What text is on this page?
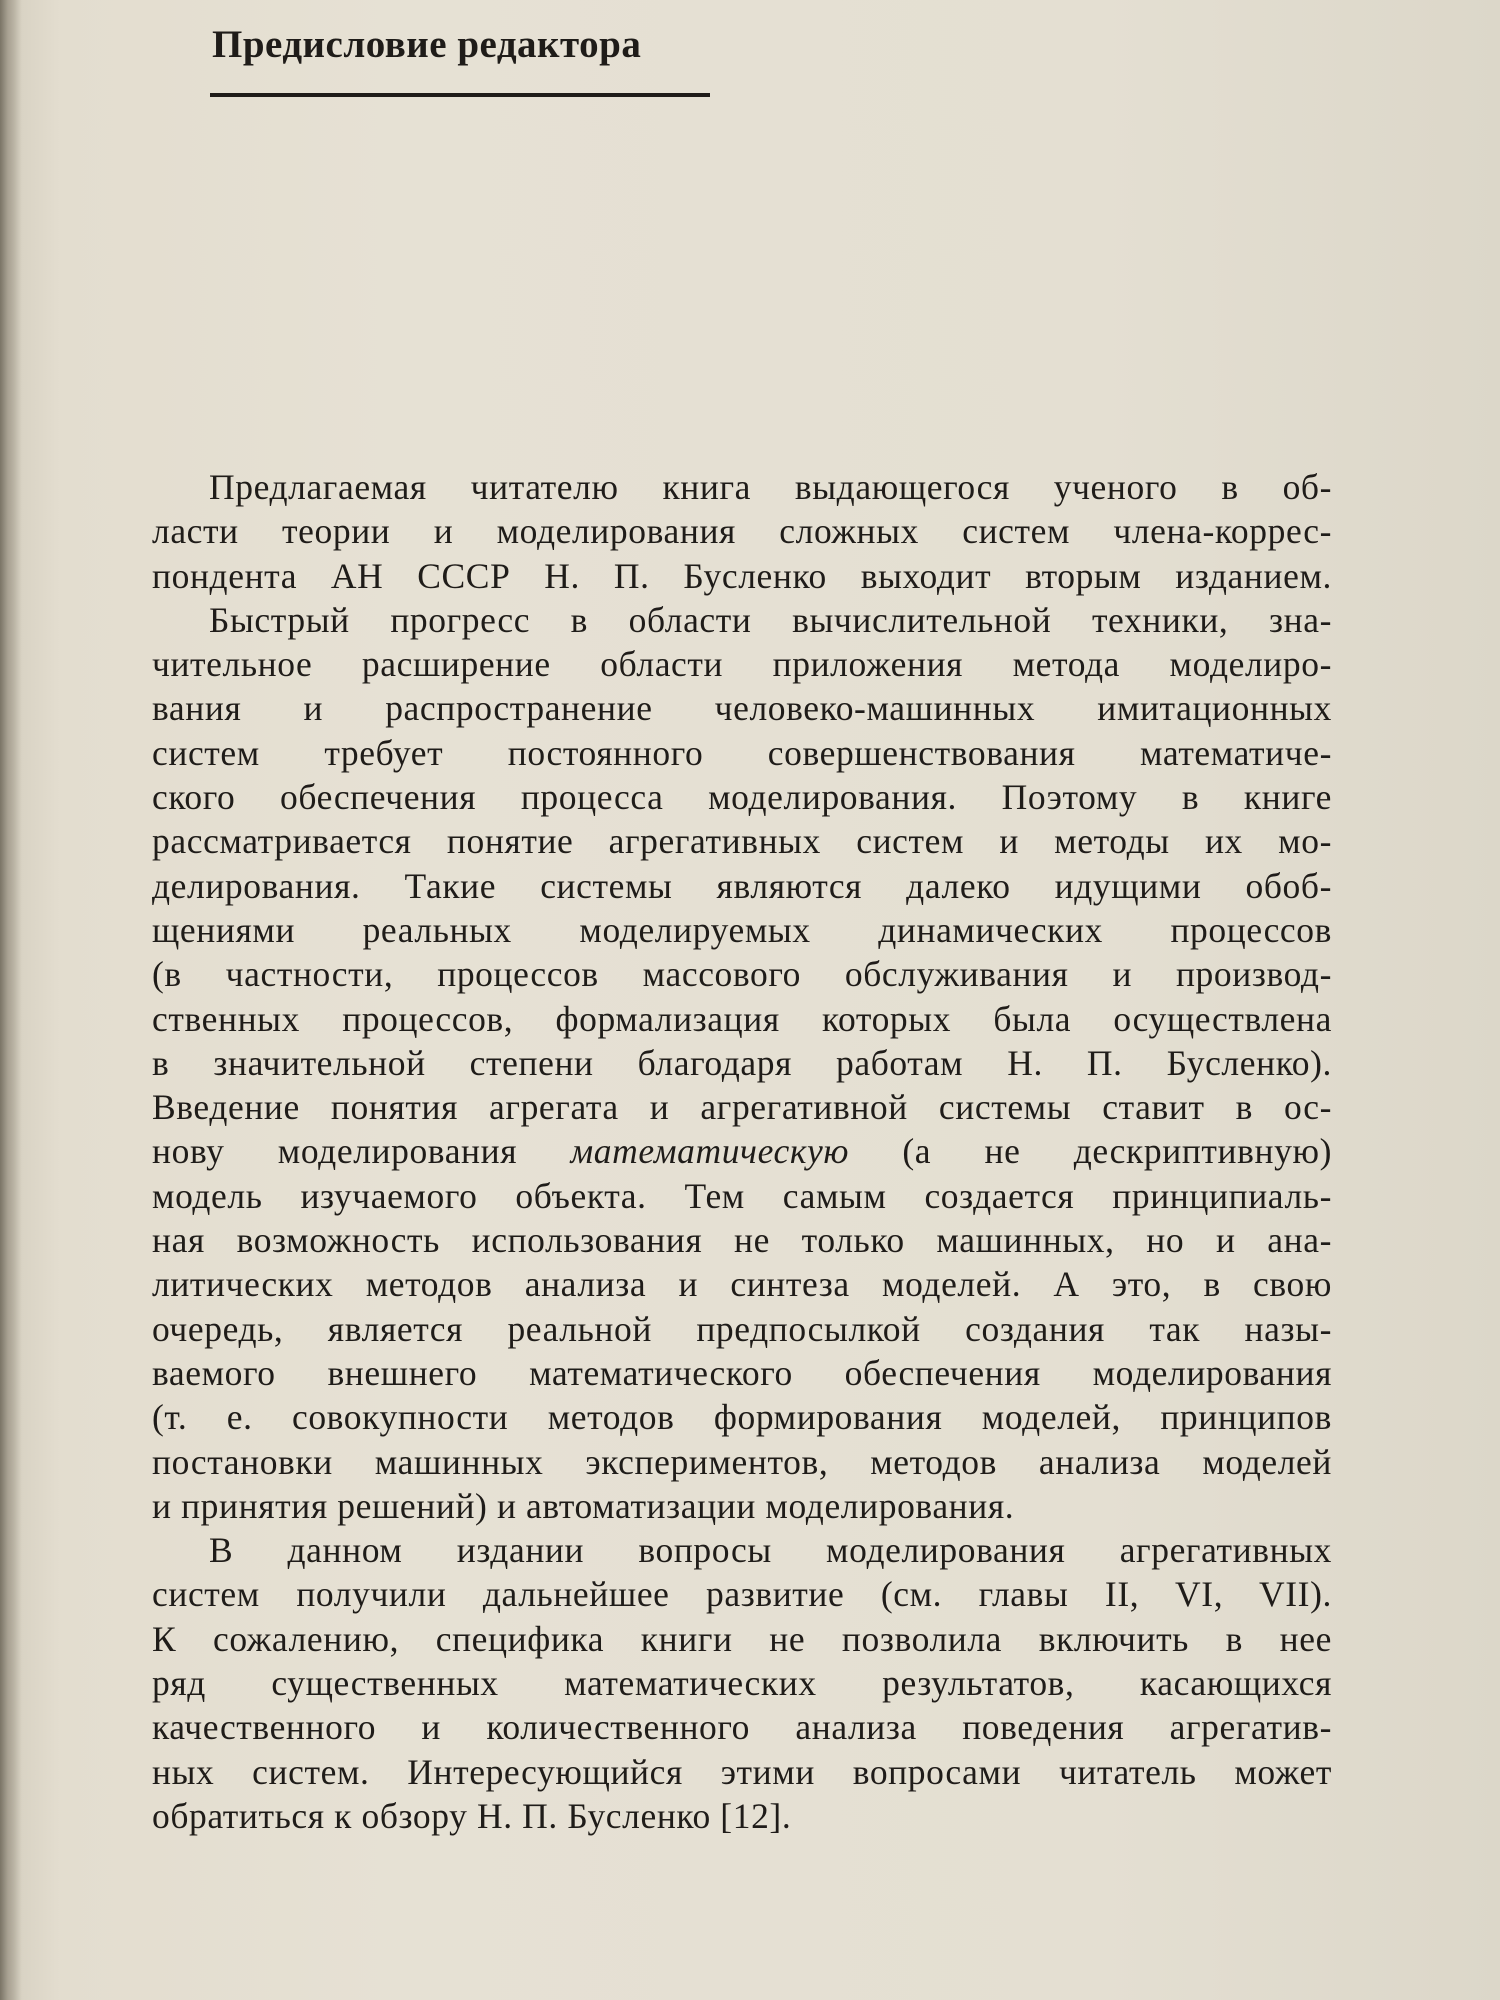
Предисловие редактора
Предлагаемая читателю книга выдающегося ученого в об-
ласти теории и моделирования сложных систем члена-коррес-
пондента АН СССР Н. П. Бусленко выходит вторым изданием.
Быстрый прогресс в области вычислительной техники, зна-
чительное расширение области приложения метода моделиро-
вания и распространение человеко-машинных имитационных
систем требует постоянного совершенствования математиче-
ского обеспечения процесса моделирования. Поэтому в книге
рассматривается понятие агрегативных систем и методы их мо-
делирования. Такие системы являются далеко идущими обоб-
щениями реальных моделируемых динамических процессов
(в частности, процессов массового обслуживания и производ-
ственных процессов, формализация которых была осуществлена
в значительной степени благодаря работам Н. П. Бусленко).
Введение понятия агрегата и агрегативной системы ставит в ос-
нову моделирования математическую (а не дескриптивную)
модель изучаемого объекта. Тем самым создается принципиаль-
ная возможность использования не только машинных, но и ана-
литических методов анализа и синтеза моделей. А это, в свою
очередь, является реальной предпосылкой создания так назы-
ваемого внешнего математического обеспечения моделирования
(т. е. совокупности методов формирования моделей, принципов
постановки машинных экспериментов, методов анализа моделей
и принятия решений) и автоматизации моделирования.
В данном издании вопросы моделирования агрегативных
систем получили дальнейшее развитие (см. главы II, VI, VII).
К сожалению, специфика книги не позволила включить в нее
ряд существенных математических результатов, касающихся
качественного и количественного анализа поведения агрегатив-
ных систем. Интересующийся этими вопросами читатель может
обратиться к обзору Н. П. Бусленко [12].
